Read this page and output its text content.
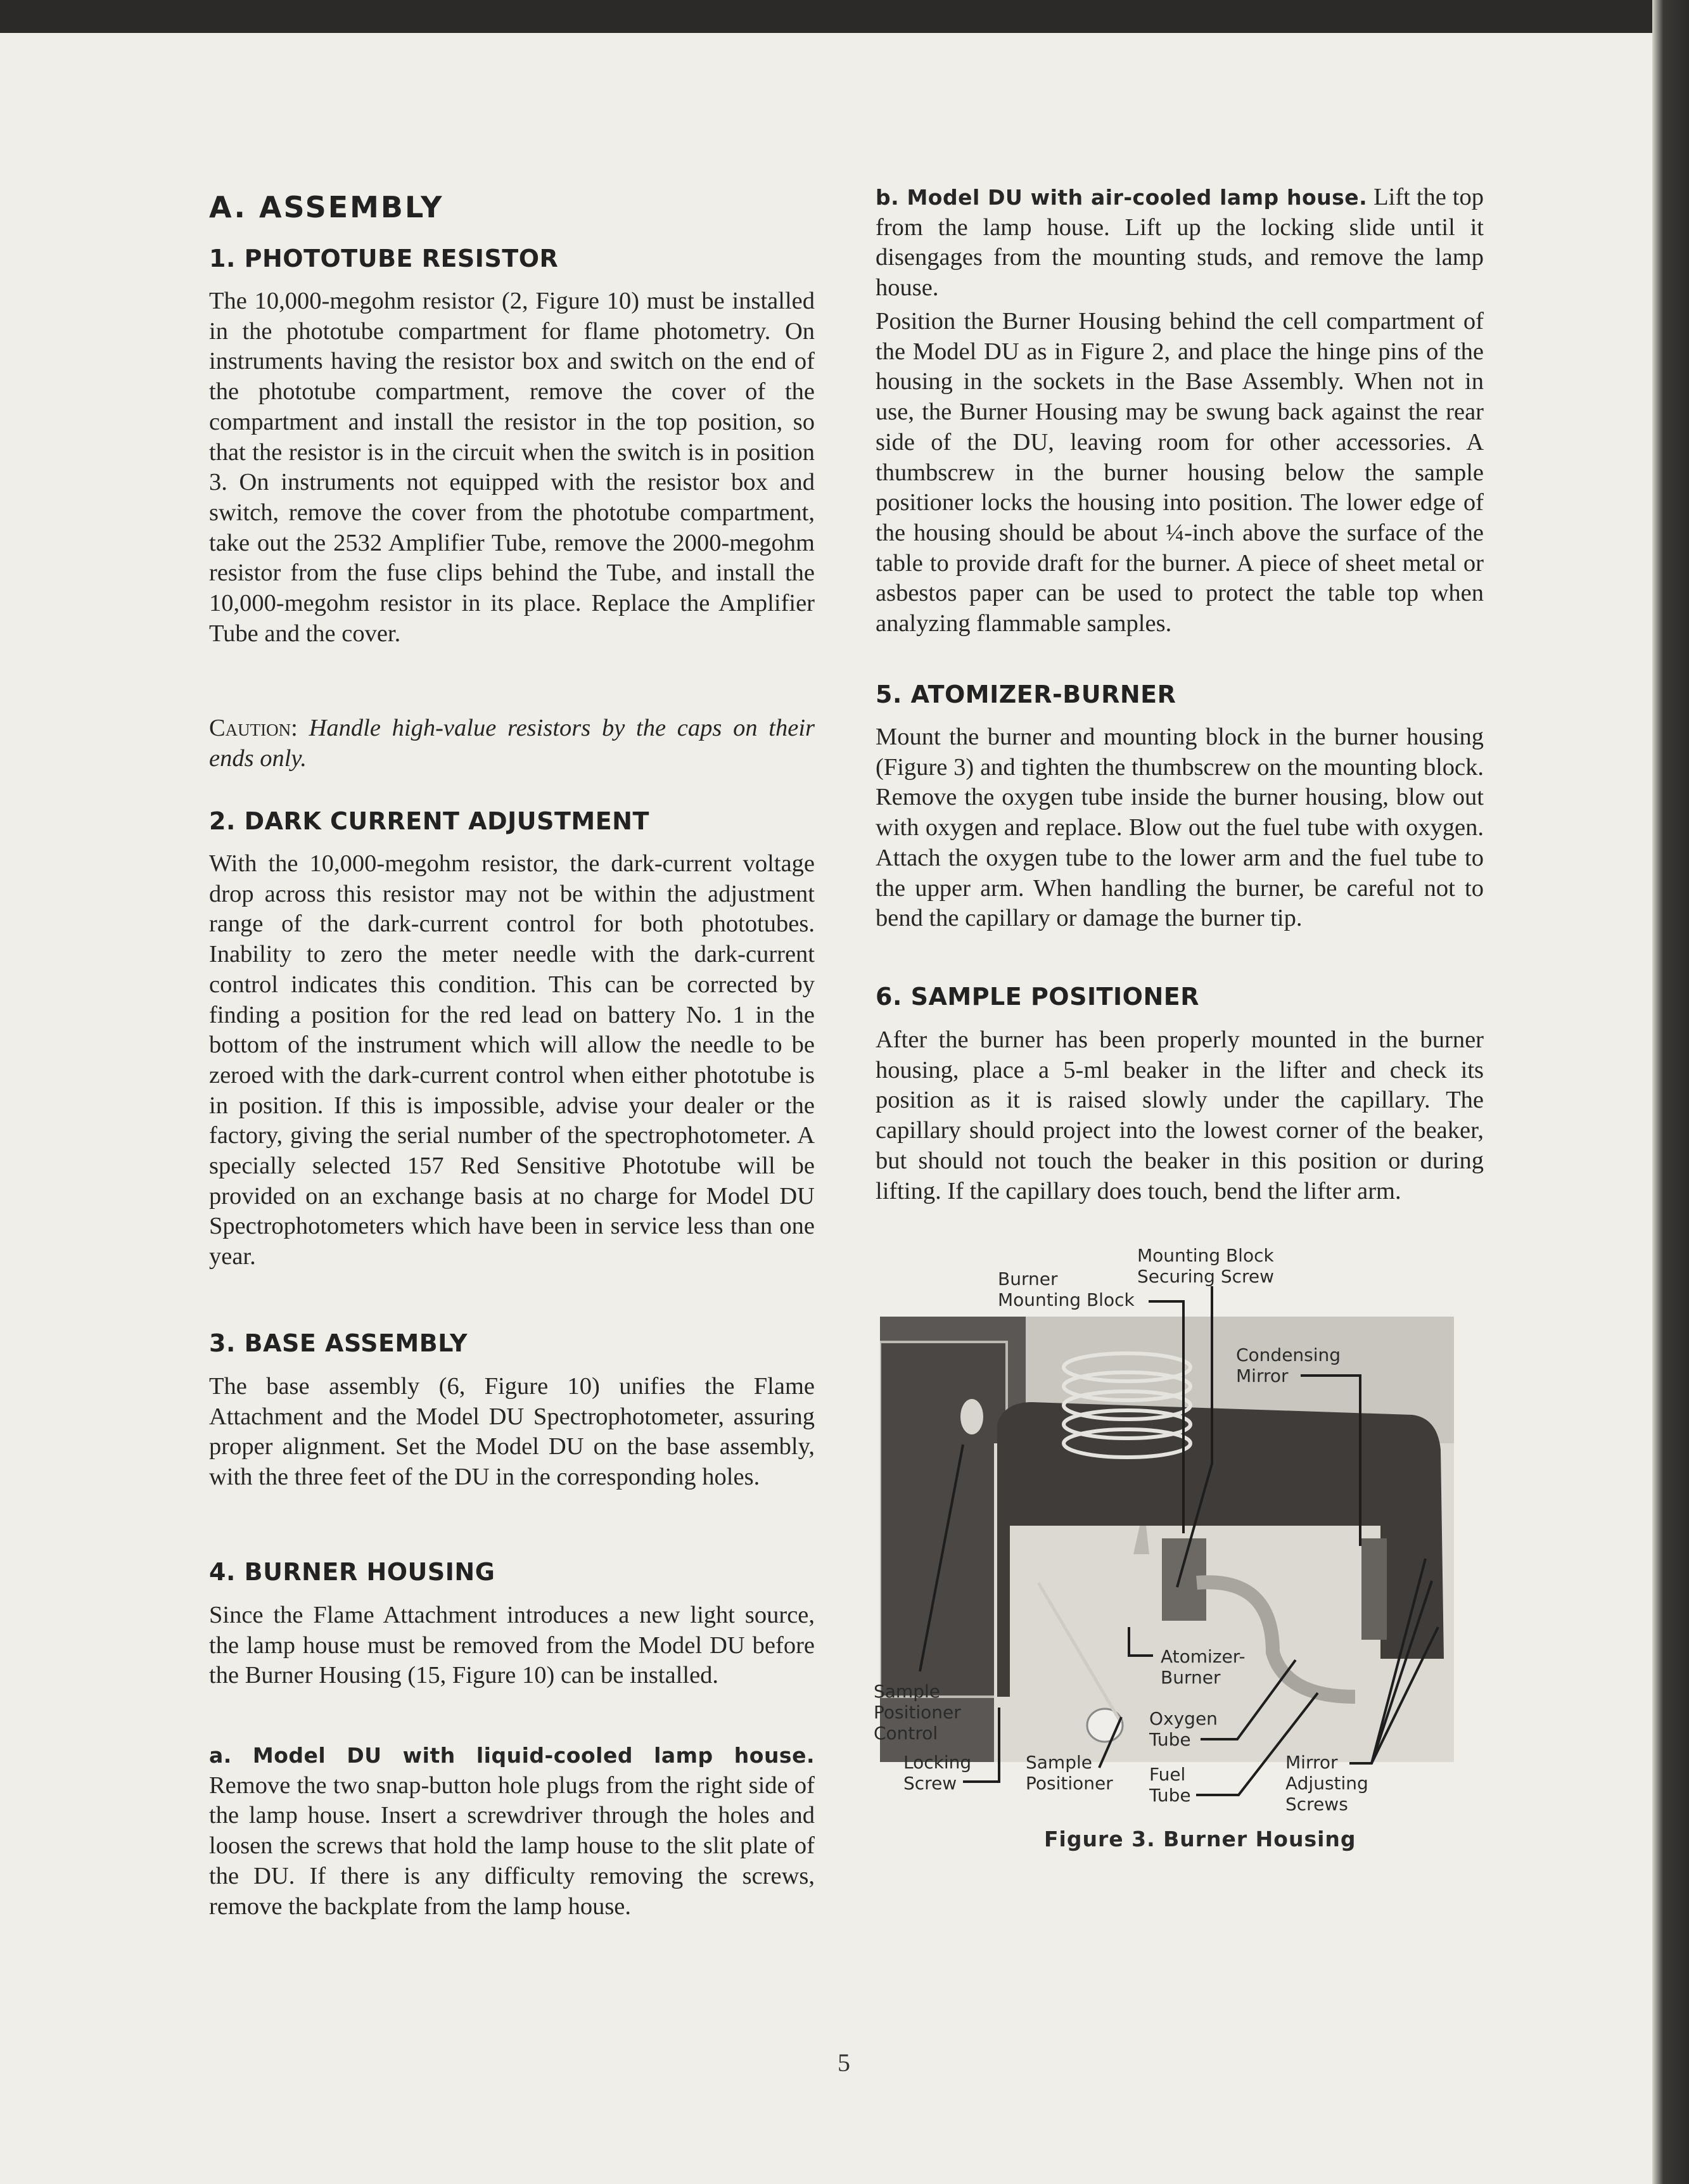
A. ASSEMBLY
1. PHOTOTUBE RESISTOR

The 10,000-megohm resistor (2, Figure 10) must be installed in the phototube compartment for flame photometry. On instruments having the resistor box and switch on the end of the phototube compartment, remove the cover of the compartment and install the resistor in the top position, so that the resistor is in the circuit when the switch is in position 3. On instruments not equipped with the resistor box and switch, remove the cover from the phototube compartment, take out the 2532 Amplifier Tube, remove the 2000-megohm resistor from the fuse clips behind the Tube, and install the 10,000-megohm resistor in its place. Replace the Amplifier Tube and the cover.

Caution: Handle high-value resistors by the caps on their ends only.

2. DARK CURRENT ADJUSTMENT

With the 10,000-megohm resistor, the dark-current voltage drop across this resistor may not be within the adjustment range of the dark-current control for both phototubes. Inability to zero the meter needle with the dark-current control indicates this condition. This can be corrected by finding a position for the red lead on battery No. 1 in the bottom of the instrument which will allow the needle to be zeroed with the dark-current control when either phototube is in position. If this is impossible, advise your dealer or the factory, giving the serial number of the spectrophotometer. A specially selected 157 Red Sensitive Phototube will be provided on an exchange basis at no charge for Model DU Spectrophotometers which have been in service less than one year.

3. BASE ASSEMBLY

The base assembly (6, Figure 10) unifies the Flame Attachment and the Model DU Spectrophotometer, assuring proper alignment. Set the Model DU on the base assembly, with the three feet of the DU in the corresponding holes.

4. BURNER HOUSING

Since the Flame Attachment introduces a new light source, the lamp house must be removed from the Model DU before the Burner Housing (15, Figure 10) can be installed.

a. Model DU with liquid-cooled lamp house. Remove the two snap-button hole plugs from the right side of the lamp house. Insert a screwdriver through the holes and loosen the screws that hold the lamp house to the slit plate of the DU. If there is any difficulty removing the screws, remove the backplate from the lamp house.

b. Model DU with air-cooled lamp house. Lift the top from the lamp house. Lift up the locking slide until it disengages from the mounting studs, and remove the lamp house.

Position the Burner Housing behind the cell compartment of the Model DU as in Figure 2, and place the hinge pins of the housing in the sockets in the Base Assembly. When not in use, the Burner Housing may be swung back against the rear side of the DU, leaving room for other accessories. A thumbscrew in the burner housing below the sample positioner locks the housing into position. The lower edge of the housing should be about ¼-inch above the surface of the table to provide draft for the burner. A piece of sheet metal or asbestos paper can be used to protect the table top when analyzing flammable samples.

5. ATOMIZER-BURNER

Mount the burner and mounting block in the burner housing (Figure 3) and tighten the thumbscrew on the mounting block. Remove the oxygen tube inside the burner housing, blow out with oxygen and replace. Blow out the fuel tube with oxygen. Attach the oxygen tube to the lower arm and the fuel tube to the upper arm. When handling the burner, be careful not to bend the capillary or damage the burner tip.

6. SAMPLE POSITIONER

After the burner has been properly mounted in the burner housing, place a 5-ml beaker in the lifter and check its position as it is raised slowly under the capillary. The capillary should project into the lowest corner of the beaker, but should not touch the beaker in this position or during lifting. If the capillary does touch, bend the lifter arm.

Mounting Block
Securing Screw
Burner
Mounting Block
Condensing
Mirror
Atomizer-
Burner
Sample
Positioner
Control
Oxygen
Tube
Locking
Screw
Sample
Positioner Fuel
Tube
Mirror
Adjusting
Screws
Figure 3. Burner Housing
5
